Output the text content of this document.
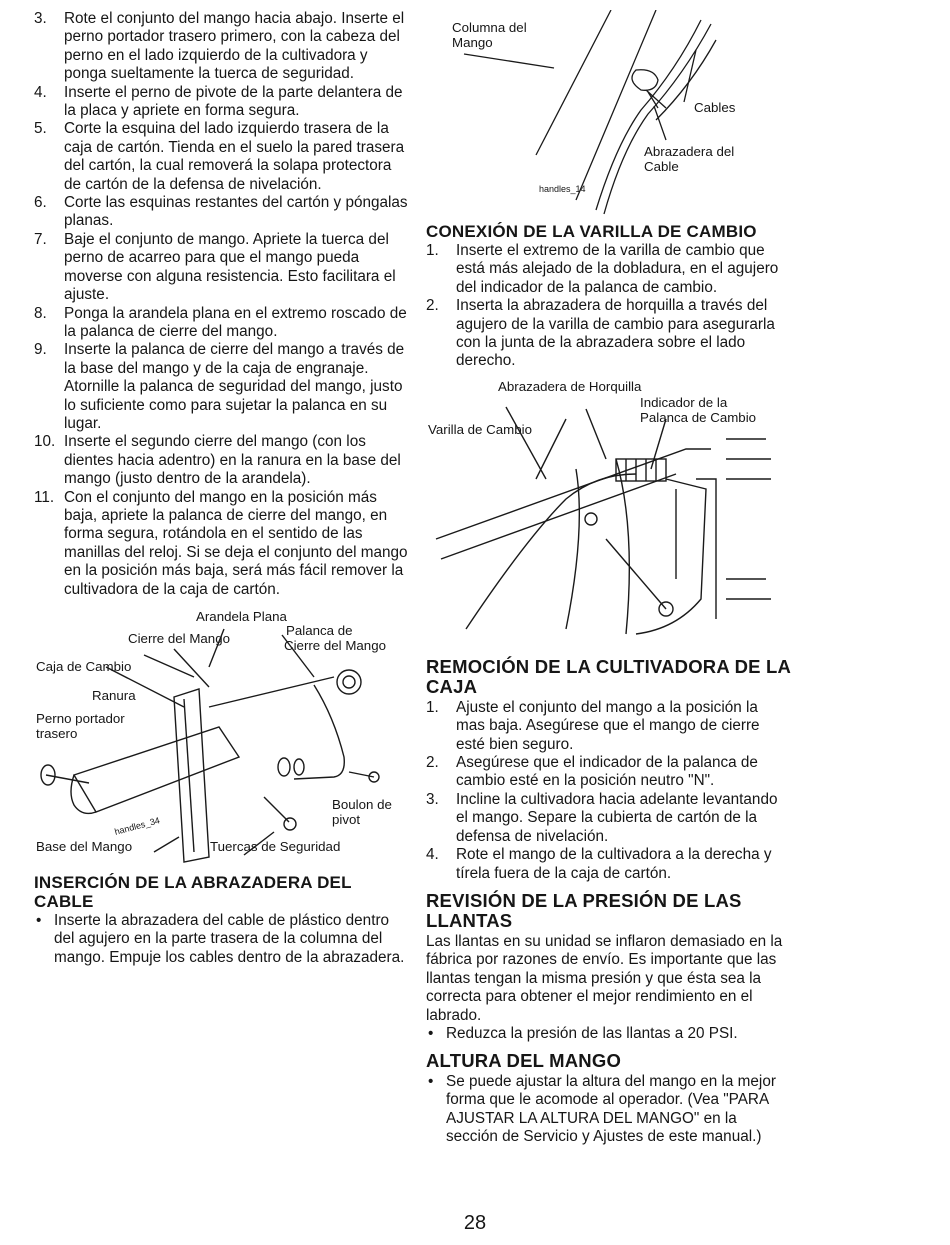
3. Rote el conjunto del mango hacia abajo. Inserte el perno portador trasero primero, con la cabeza del perno en el lado izquierdo de la cultivadora y ponga sueltamente la tuerca de seguridad.
4. Inserte el perno de pivote de la parte delantera de la placa y apriete en forma segura.
5. Corte la esquina del lado izquierdo trasera de la caja de cartón. Tienda en el suelo la pared trasera del cartón, la cual removerá la solapa protectora de cartón de la defensa de nivelación.
6. Corte las esquinas restantes del cartón y póngalas planas.
7. Baje el conjunto de mango. Apriete la tuerca del perno de acarreo para que el mango pueda moverse con alguna resistencia. Esto facilitara el ajuste.
8. Ponga la arandela plana en el extremo roscado de la palanca de cierre del mango.
9. Inserte la palanca de cierre del mango a través de la base del mango y de la caja de engranaje. Atornille la palanca de seguridad del mango, justo lo suficiente como para sujetar la palanca en su lugar.
10. Inserte el segundo cierre del mango (con los dientes hacia adentro) en la ranura en la base del mango (justo dentro de la arandela).
11. Con el conjunto del mango en la posición más baja, apriete la palanca de cierre del mango, en forma segura, rotándola en el sentido de las manillas del reloj. Si se deja el conjunto del mango en la posición más baja, será más fácil remover la cultivadora de la caja de cartón.
Arandela Plana
Cierre del Mango
Palanca de
Cierre del Mango
Caja de Cambio
Ranura
Perno portador
trasero
Boulon de
pivot
Base del Mango	Tuercas de Seguridad
handles_34
INSERCIÓN DE LA ABRAZADERA DEL CABLE
• Inserte la abrazadera del cable de plástico dentro del agujero en la parte trasera de la columna del mango. Empuje los cables dentro de la abrazadera.
Columna del
Mango
Cables
Abrazadera del
Cable
handles_14
CONEXIÓN DE LA VARILLA DE CAMBIO
1. Inserte el extremo de la varilla de cambio que está más alejado de la dobladura, en el agujero del indicador de la palanca de cambio.
2. Inserta la abrazadera de horquilla a través del agujero de la varilla de cambio para asegurarla con la junta de la abrazadera sobre el lado derecho.
Abrazadera de Horquilla
Indicador de la
Palanca de Cambio
Varilla de Cambio
REMOCIÓN DE LA CULTIVADORA DE LA CAJA
1. Ajuste el conjunto del mango a la posición la mas baja. Asegúrese que el mango de cierre esté bien seguro.
2. Asegúrese que el indicador de la palanca de cambio esté en la posición neutro "N".
3. Incline la cultivadora hacia adelante levantando el mango. Separe la cubierta de cartón de la defensa de nivelación.
4. Rote el mango de la cultivadora a la derecha y tírela fuera de la caja de cartón.
REVISIÓN DE LA PRESIÓN DE LAS LLANTAS

Las llantas en su unidad se inflaron demasiado en la fábrica por razones de envío. Es importante que las llantas tengan la misma presión y que ésta sea la correcta para obtener el mejor rendimiento en el labrado.

• Reduzca la presión de las llantas a 20 PSI.
ALTURA DEL MANGO
• Se puede ajustar la altura del mango en la mejor forma que le acomode al operador. (Vea "PARA AJUSTAR LA ALTURA DEL MANGO" en la sección de Servicio y Ajustes de este manual.)
28
